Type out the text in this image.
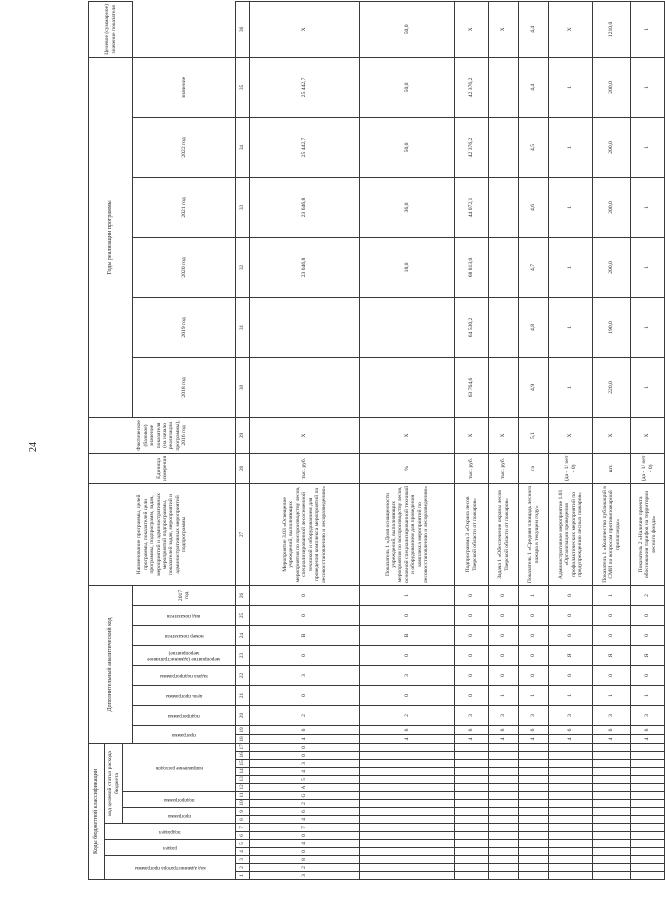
24
Коды бюджетной классификации																	Дополнительный аналитический код									Наименование программы, целей программы, показателей цели программы, подпрограмм, задач, мероприятий и административных мероприятий подпрограммы, показателей задач, мероприятий и административных мероприятий подпрограммы	Единица измерения	Фактическое (базовое) значение показателя (на начало реализации программы), 2016 год	Годы реализации программы						Целевое (суммарное) значение показателя	

код администратора программы			раздел		подраздел		код целевой статьи расхода бюджета																													

							программа		подпрограмма		направление расходов																									

																	программа		подпрограмма	цель программы	задача подпрограммы	мероприятие (административное мероприятие)	номер показателя	вид показателя	2017 год				2018 год	2019 год	2020 год	2021 год	2022 год	значение		
1	2	3	4	5	6	7	8	9	10	11	12	13	14	15	16	17	18	19	20	21	22	23	24	25	26	27	28	29	30	31	32	33	34	35	36	
3	2	8	0	4	0	7	4	6	2	G	А	5	4	3	0	0	4	6	2	0	3	0	В	0	0	Мероприятие 3.03 «Освещение учреждений, выполняющих мероприятия по воспроизводству лесов, специализированной лесосеменной техникой и оборудованием для проведения комплекса мероприятий по лесовосстановлению и лесоразведению»	тыс. руб.	Х			23 646,8	23 646,8	25 442,7	25 442,7	Х	
																	4	6	2	0	3	0	В	0	1	Показатель 1 «Доля оснащенности учреждений, выполняющих мероприятия по воспроизводству лесов, основной специализированной техникой и оборудованием для проведения комплекса мероприятий по лесовосстановлению и лесоразведению»	%	Х			18,0	36,0	50,0	50,0	50,0	
																	4	6	3	0	0	0	0	0	0	Подпрограмма 3 «Охрана лесов Тверской области от пожаров»	тыс. руб.	Х	63 764,6	64 530,2	68 813,0	44 072,1	42 376,2	42 376,2	Х	
																	4	6	3	1	0	0	0	0	0	Задача 1 «Обеспечение охраны лесов Тверской области от пожаров»	тыс. руб.	Х							Х	
																	4	6	3	1	0	0	0	0	1	Показатель 1 «Средняя площадь лесного пожара в текущем году»	га	5,1	4,9	4,8	4,7	4,6	4,5	4,4	4,4	
																	4	6	3	1	0	Я	0	0	0	Административное мероприятие 1.01 «Организация проведения профилактических мероприятий по предупреждению лесных пожаров»	(да - 1/ нет - 0)	Х	1	1	1	1	1	1	Х	
																	4	6	3	1	0	Я	0	0	1	Показатель 1 «Количество публикаций в СМИ по вопросам противопожарной пропаганды»	шт.	Х	220,0	190,0	200,0	200,0	200,0	200,0	1210,0	
																	4	6	3	1	0	Я	0	0	2	Показатель 2 «Наличие проекта обоснования тарифов на территории лесного фонда»	(да - 1/ нет - 0)	Х	1	1	1	1	1	1	1	
